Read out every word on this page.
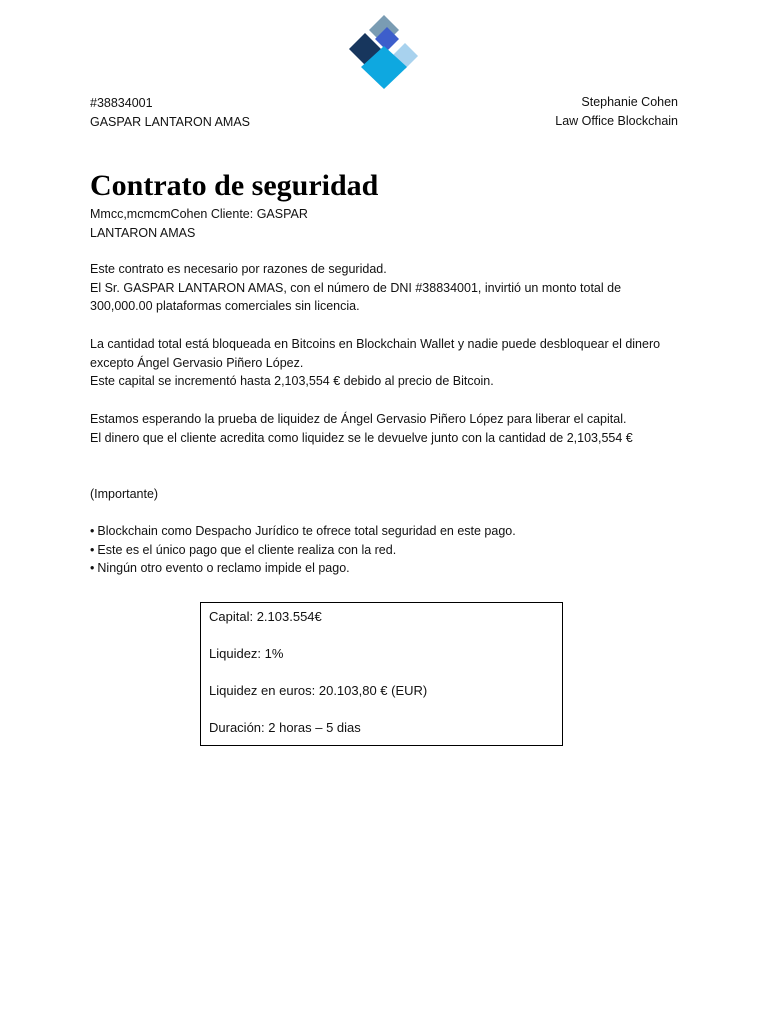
#38834001
GASPAR LANTARON AMAS
Stephanie Cohen
Law Office Blockchain
Contrato de seguridad
Mmcc,mcmcmCohen Cliente: GASPAR
LANTARON AMAS
Este contrato es necesario por razones de seguridad.
El Sr. GASPAR LANTARON AMAS, con el número de DNI #38834001, invirtió un monto total de
300,000.00 plataformas comerciales sin licencia.
La cantidad total está bloqueada en Bitcoins en Blockchain Wallet y nadie puede desbloquear el dinero
excepto Ángel Gervasio Piñero López.
Este capital se incrementó hasta 2,103,554 € debido al precio de Bitcoin.
Estamos esperando la prueba de liquidez de Ángel Gervasio Piñero López para liberar el capital.
El dinero que el cliente acredita como liquidez se le devuelve junto con la cantidad de 2,103,554 €
(Importante)
• Blockchain como Despacho Jurídico te ofrece total seguridad en este pago.
• Este es el único pago que el cliente realiza con la red.
• Ningún otro evento o reclamo impide el pago.
Capital: 2.103.554€
Liquidez: 1%
Liquidez en euros: 20.103,80 € (EUR)
Duración: 2 horas – 5 dias
